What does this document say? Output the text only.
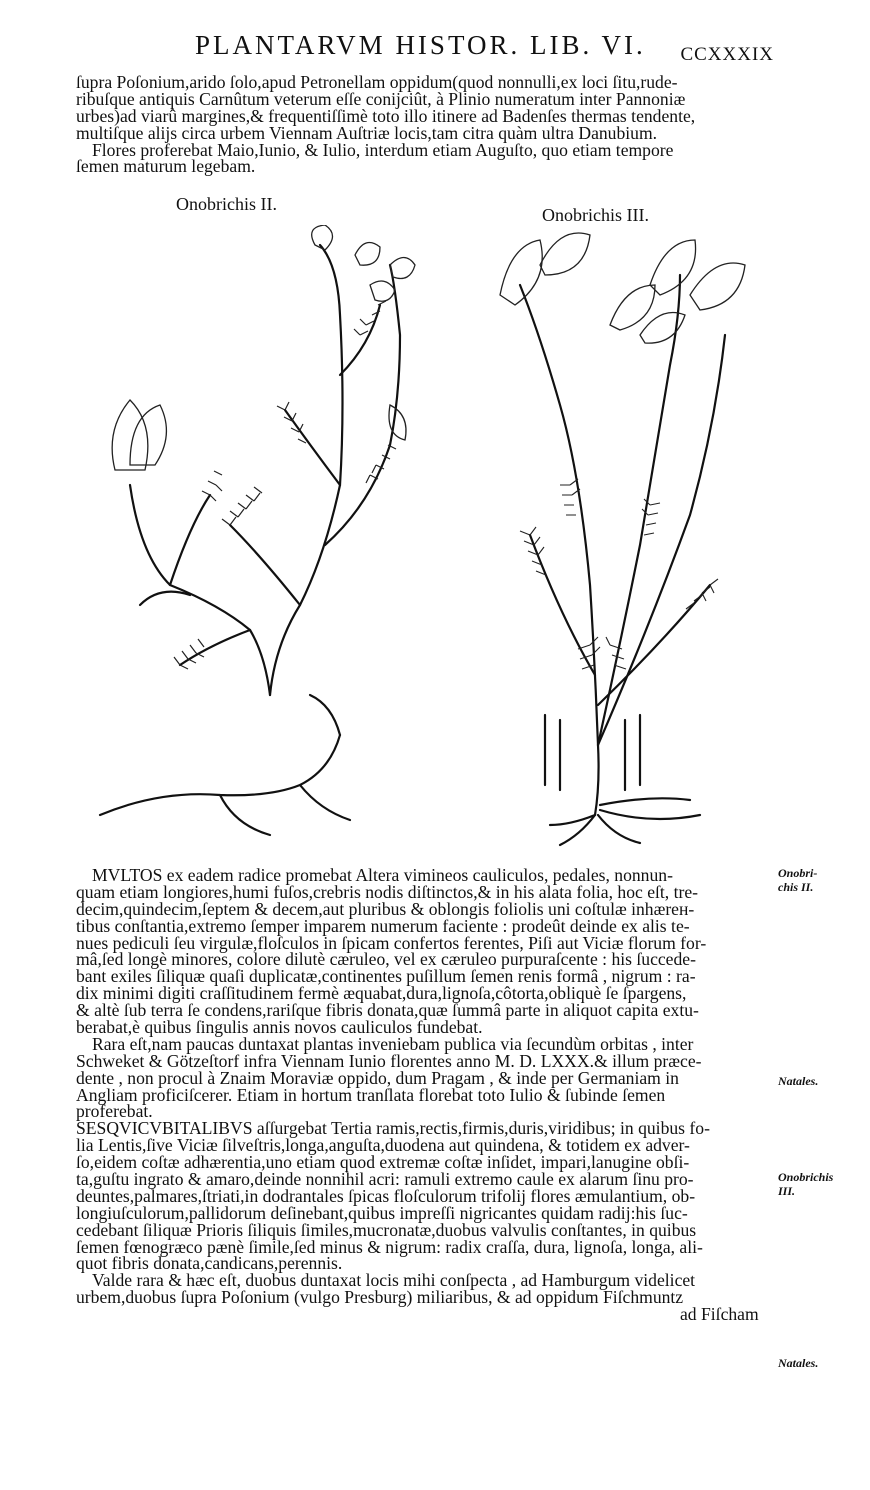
PLANTARVM HISTOR. LIB. VI. CCXXXIX
ſupra Poſonium,arido ſolo,apud Petronellam oppidum(quod nonnulli,ex loci ſitu,rude-
ribuſque antiquis Carnûtum veterum eſſe conijciût, à Plinio numeratum inter Pannoniæ
urbes)ad viarû margines,& frequentiſſimè toto illo itinere ad Badenſes thermas tendente,
multiſque alijs circa urbem Viennam Auſtriæ locis,tam citra quàm ultra Danubium.
Flores proferebat Maio,Iunio, & Iulio, interdum etiam Auguſto, quo etiam tempore
ſemen maturum legebam.
Onobrichis II.
Onobrichis III.
MVLTOS ex eadem radice promebat Altera vimineos cauliculos, pedales, nonnun-
quam etiam longiores,humi fuſos,crebris nodis diſtinctos,& in his alata folia, hoc eſt, tre-
decim,quindecim,ſeptem & decem,aut pluribus & oblongis foliolis uni coſtulæ inhærен-
tibus conſtantia,extremo ſemper imparem numerum faciente : prodeût deinde ex alis te-
nues pediculi ſeu virgulæ,floſculos in ſpicam confertos ferentes, Piſi aut Viciæ florum for-
mâ,ſed longè minores, colore dilutè cæruleo, vel ex cæruleo purpuraſcente : his ſuccede-
bant exiles ſiliquæ quaſi duplicatæ,continentes puſillum ſemen renis formâ , nigrum : ra-
dix minimi digiti craſſitudinem fermè æquabat,dura,lignoſa,côtorta,obliquè ſe ſpargens,
& altè ſub terra ſe condens,rariſque fibris donata,quæ ſummâ parte in aliquot capita extu-
berabat,è quibus ſingulis annis novos cauliculos fundebat.
Rara eſt,nam paucas duntaxat plantas inveniebam publica via ſecundùm orbitas , inter
Schweket & Götzeſtorf infra Viennam Iunio florentes anno M. D. LXXX.& illum præce-
dente , non procul à Znaim Moraviæ oppido, dum Pragam , & inde per Germaniam in
Angliam proficiſcerer. Etiam in hortum tranſlata florebat toto Iulio & ſubinde ſemen
proferebat.
SESQVICVBITALIBVS aſſurgebat Tertia ramis,rectis,firmis,duris,viridibus; in quibus fo-
lia Lentis,ſive Viciæ ſilveſtris,longa,anguſta,duodena aut quindena, & totidem ex adver-
ſo,eidem coſtæ adhærentia,uno etiam quod extremæ coſtæ inſidet, impari,lanugine obſi-
ta,guſtu ingrato & amaro,deinde nonnihil acri: ramuli extremo caule ex alarum ſinu pro-
deuntes,palmares,ſtriati,in dodrantales ſpicas floſculorum trifolij flores æmulantium, ob-
longiuſculorum,pallidorum deſinebant,quibus impreſſi nigricantes quidam radij:his ſuc-
cedebant ſiliquæ Prioris ſiliquis ſimiles,mucronatæ,duobus valvulis conſtantes, in quibus
ſemen fœnogræco pænè ſimile,ſed minus & nigrum: radix craſſa, dura, lignoſa, longa, ali-
quot fibris donata,candicans,perennis.
Valde rara & hæc eſt, duobus duntaxat locis mihi conſpecta , ad Hamburgum videlicet
urbem,duobus ſupra Poſonium (vulgo Presburg) miliaribus, & ad oppidum Fiſchmuntz
ad Fiſcham
Onobri-
chis II.
Natales.
Onobrichis
III.
Natales.
